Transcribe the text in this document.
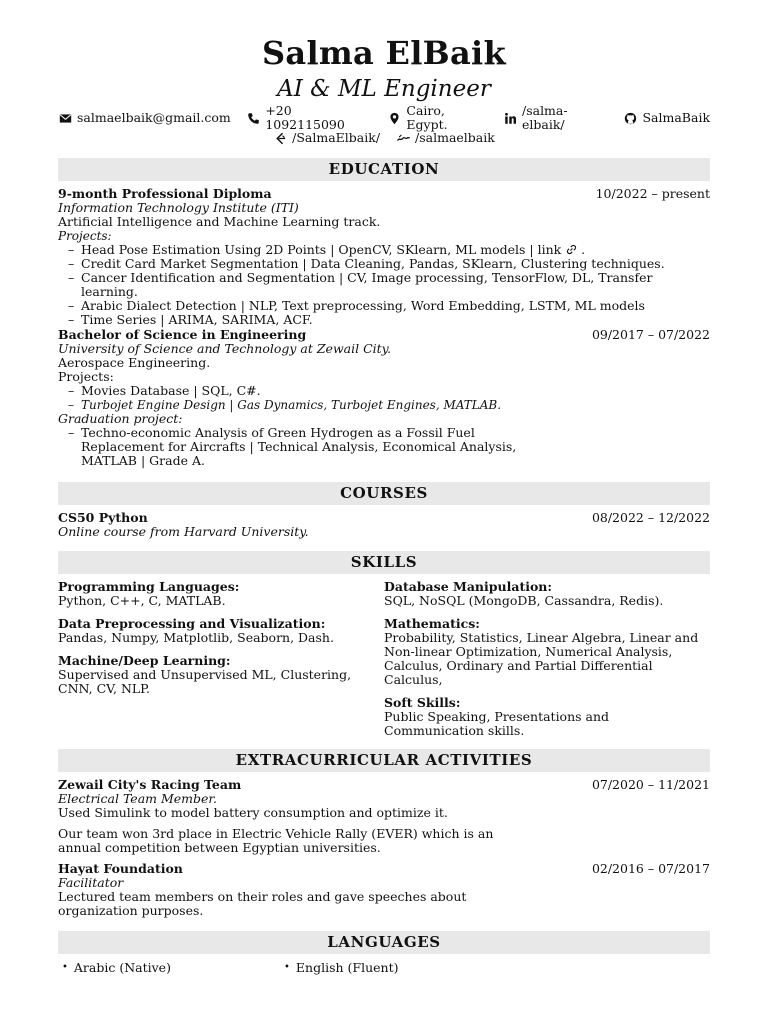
Salma ElBaik
AI & ML Engineer
salmaelbaik@gmail.com	+20 1092115090
Cairo, Egypt.
/salma-elbaik/	SalmaBaik
/SalmaElbaik/	/salmaelbaik
EDUCATION
9-month Professional Diploma	10/2022 – present
Information Technology Institute (ITI)
Artificial Intelligence and Machine Learning track.
Projects:
– Head Pose Estimation Using 2D Points | OpenCV, SKlearn, ML models | link
.
– Credit Card Market Segmentation | Data Cleaning, Pandas, SKlearn, Clustering techniques.
– Cancer Identification and Segmentation | CV, Image processing, TensorFlow, DL, Transfer learning.
– Arabic Dialect Detection | NLP, Text preprocessing, Word Embedding, LSTM, ML models
– Time Series | ARIMA, SARIMA, ACF.
Bachelor of Science in Engineering	09/2017 – 07/2022
University of Science and Technology at Zewail City.
Aerospace Engineering.
Projects:
– Movies Database | SQL, C#.
– Turbojet Engine Design | Gas Dynamics, Turbojet Engines, MATLAB.
Graduation project:
– Techno-economic Analysis of Green Hydrogen as a Fossil Fuel Replacement for Aircrafts | Technical Analysis, Economical Analysis, MATLAB | Grade A.
COURSES
CS50 Python	08/2022 – 12/2022
Online course from Harvard University.
SKILLS
Programming Languages:
Python, C++, C, MATLAB.
Data Preprocessing and Visualization:
Pandas, Numpy, Matplotlib, Seaborn, Dash.
Machine/Deep Learning:
Supervised and Unsupervised ML, Clustering, CNN, CV, NLP.
Database Manipulation:
SQL, NoSQL (MongoDB, Cassandra, Redis).
Mathematics:
Probability, Statistics, Linear Algebra, Linear and Non-linear Optimization, Numerical Analysis, Calculus, Ordinary and Partial Differential Calculus,
Soft Skills:
Public Speaking, Presentations and Communication skills.
EXTRACURRICULAR ACTIVITIES
Zewail City's Racing Team	07/2020 – 11/2021
Electrical Team Member.
Used Simulink to model battery consumption and optimize it.
Our team won 3rd place in Electric Vehicle Rally (EVER) which is an annual competition between Egyptian universities.
Hayat Foundation	02/2016 – 07/2017
Facilitator
Lectured team members on their roles and gave speeches about organization purposes.
LANGUAGES
• Arabic (Native)	• English (Fluent)
